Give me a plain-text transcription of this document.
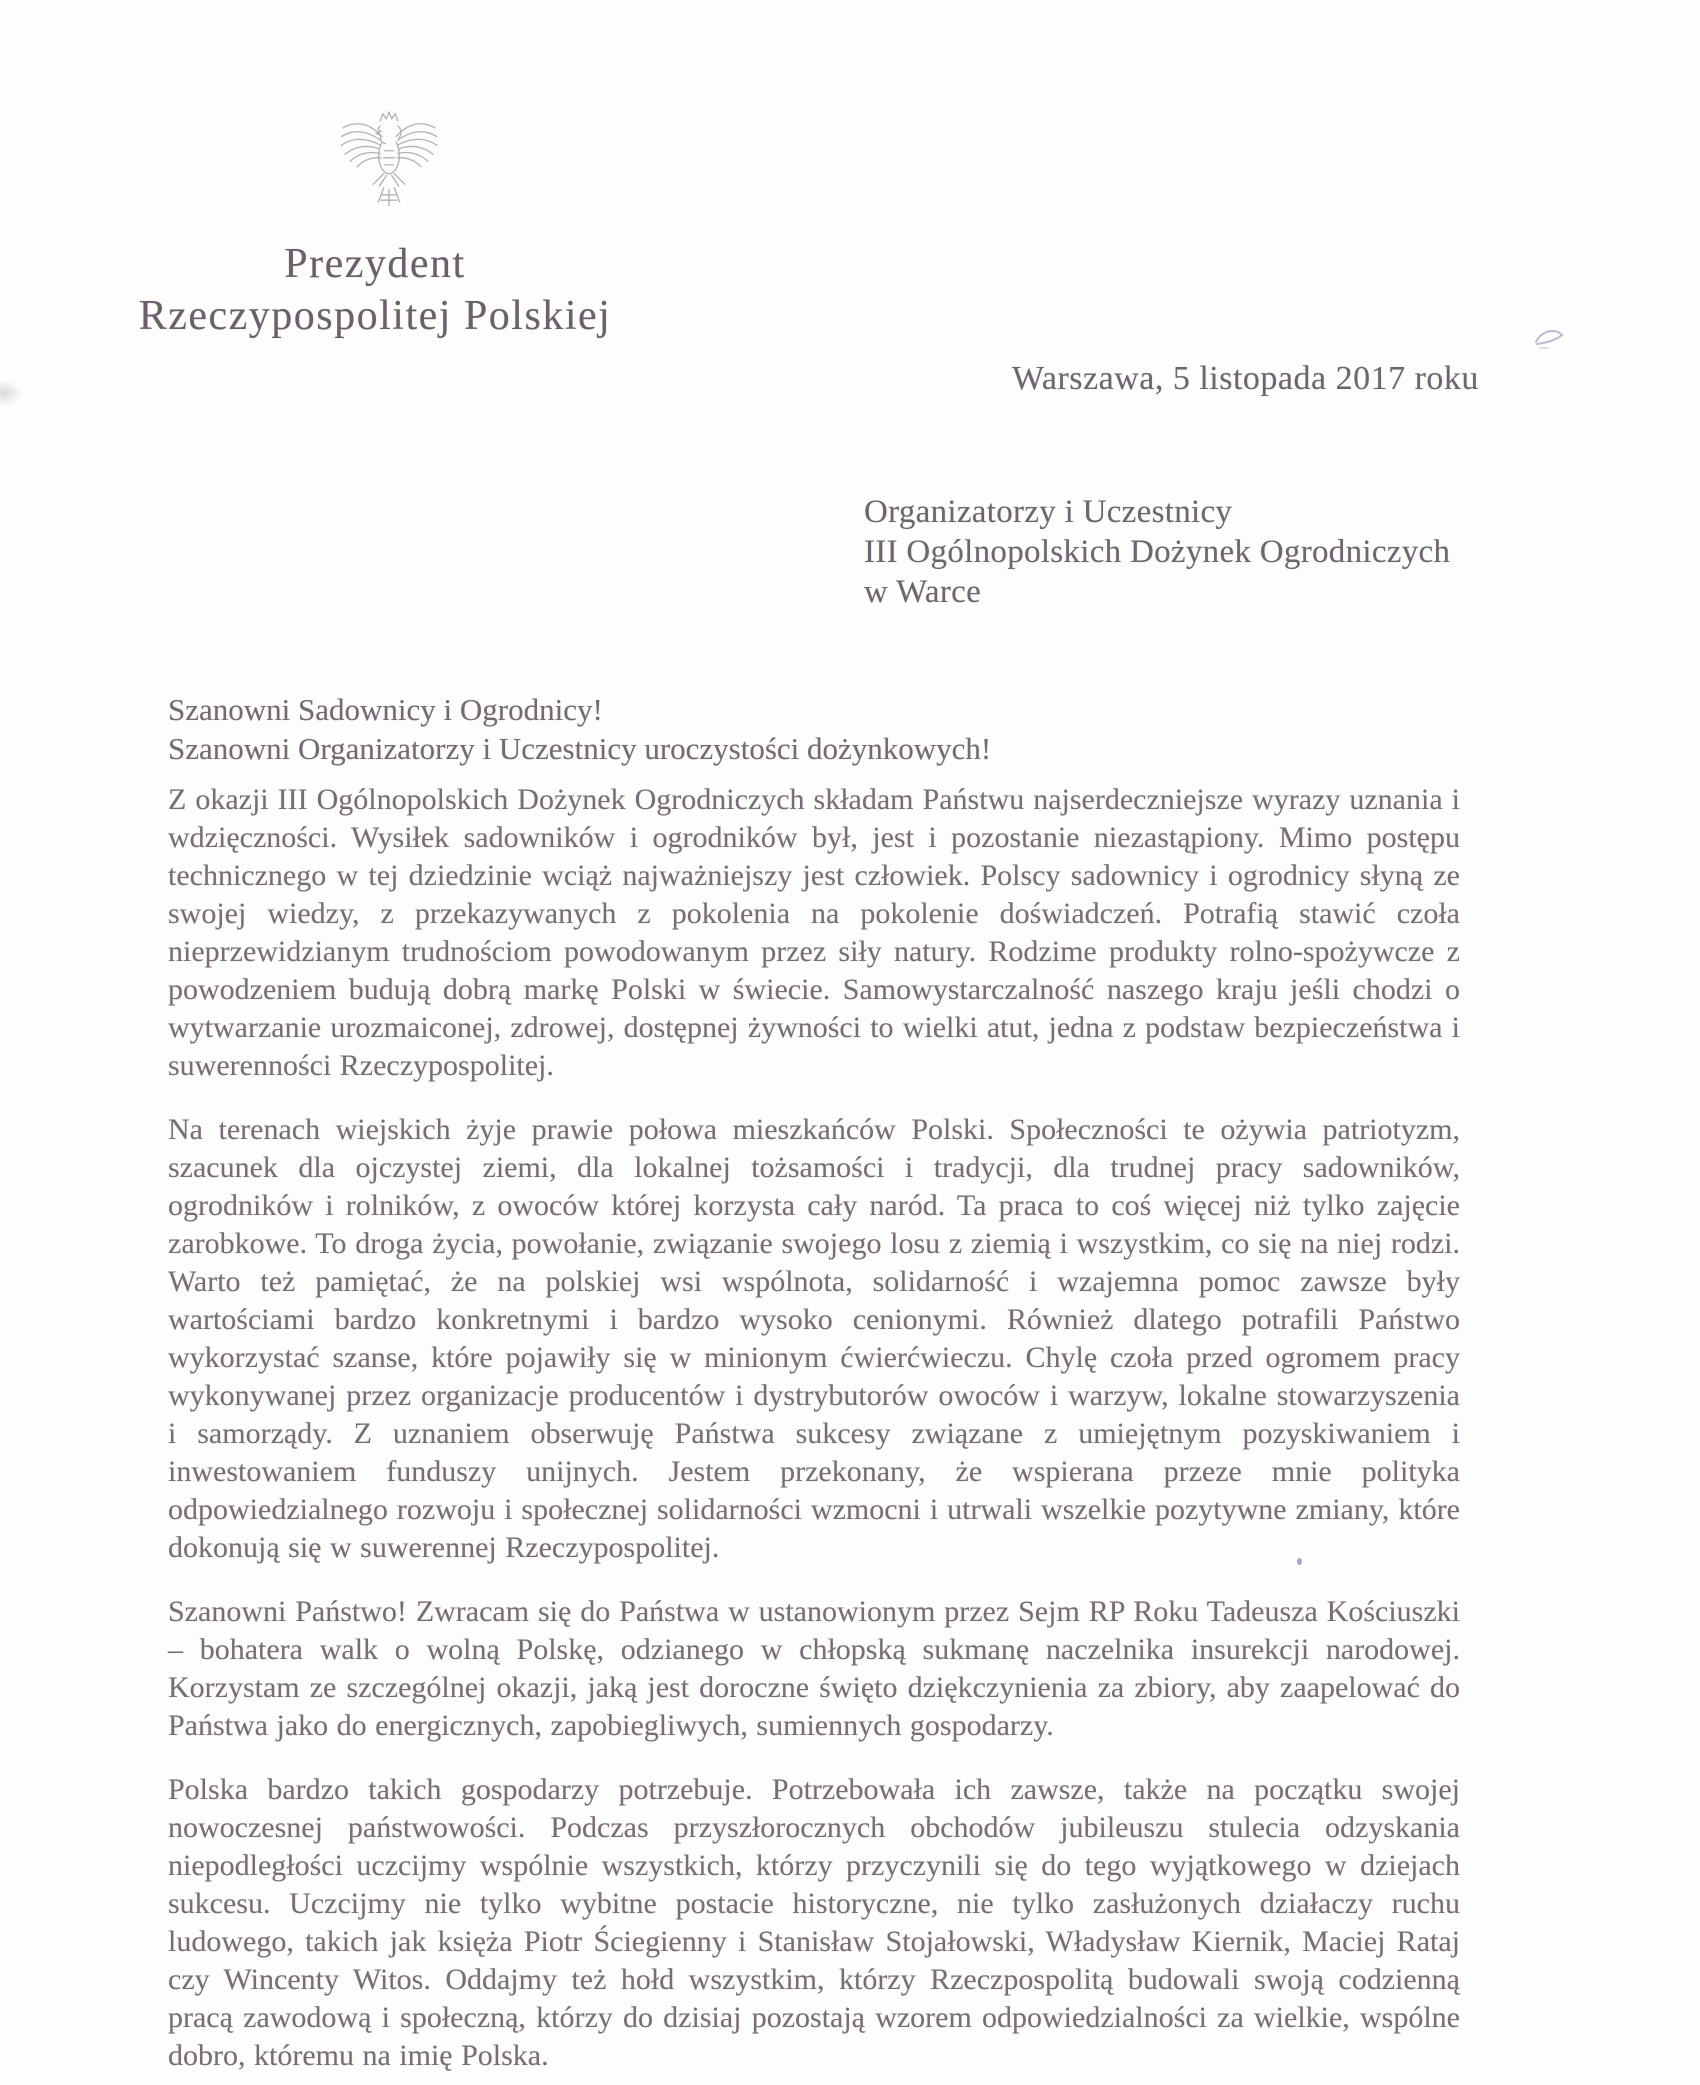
Prezydent
Rzeczypospolitej Polskiej
Warszawa, 5 listopada 2017 roku
Organizatorzy i Uczestnicy
III Ogólnopolskich Dożynek Ogrodniczych
w Warce
Szanowni Sadownicy i Ogrodnicy!
Szanowni Organizatorzy i Uczestnicy uroczystości dożynkowych!

Z okazji III Ogólnopolskich Dożynek Ogrodniczych składam Państwu najserdeczniejsze wyrazy uznania i wdzięczności. Wysiłek sadowników i ogrodników był, jest i pozostanie niezastąpiony. Mimo postępu technicznego w tej dziedzinie wciąż najważniejszy jest człowiek. Polscy sadownicy i ogrodnicy słyną ze swojej wiedzy, z przekazywanych z pokolenia na pokolenie doświadczeń. Potrafią stawić czoła nieprzewidzianym trudnościom powodowanym przez siły natury. Rodzime produkty rolno-spożywcze z powodzeniem budują dobrą markę Polski w świecie. Samowystarczalność naszego kraju jeśli chodzi o wytwarzanie urozmaiconej, zdrowej, dostępnej żywności to wielki atut, jedna z podstaw bezpieczeństwa i suwerenności Rzeczypospolitej.

Na terenach wiejskich żyje prawie połowa mieszkańców Polski. Społeczności te ożywia patriotyzm, szacunek dla ojczystej ziemi, dla lokalnej tożsamości i tradycji, dla trudnej pracy sadowników, ogrodników i rolników, z owoców której korzysta cały naród. Ta praca to coś więcej niż tylko zajęcie zarobkowe. To droga życia, powołanie, związanie swojego losu z ziemią i wszystkim, co się na niej rodzi. Warto też pamiętać, że na polskiej wsi wspólnota, solidarność i wzajemna pomoc zawsze były wartościami bardzo konkretnymi i bardzo wysoko cenionymi. Również dlatego potrafili Państwo wykorzystać szanse, które pojawiły się w minionym ćwierćwieczu. Chylę czoła przed ogromem pracy wykonywanej przez organizacje producentów i dystrybutorów owoców i warzyw, lokalne stowarzyszenia i samorządy. Z uznaniem obserwuję Państwa sukcesy związane z umiejętnym pozyskiwaniem i inwestowaniem funduszy unijnych. Jestem przekonany, że wspierana przeze mnie polityka odpowiedzialnego rozwoju i społecznej solidarności wzmocni i utrwali wszelkie pozytywne zmiany, które dokonują się w suwerennej Rzeczypospolitej.

Szanowni Państwo! Zwracam się do Państwa w ustanowionym przez Sejm RP Roku Tadeusza Kościuszki – bohatera walk o wolną Polskę, odzianego w chłopską sukmanę naczelnika insurekcji narodowej. Korzystam ze szczególnej okazji, jaką jest doroczne święto dziękczynienia za zbiory, aby zaapelować do Państwa jako do energicznych, zapobiegliwych, sumiennych gospodarzy.

Polska bardzo takich gospodarzy potrzebuje. Potrzebowała ich zawsze, także na początku swojej nowoczesnej państwowości. Podczas przyszłorocznych obchodów jubileuszu stulecia odzyskania niepodległości uczcijmy wspólnie wszystkich, którzy przyczynili się do tego wyjątkowego w dziejach sukcesu. Uczcijmy nie tylko wybitne postacie historyczne, nie tylko zasłużonych działaczy ruchu ludowego, takich jak księża Piotr Ściegienny i Stanisław Stojałowski, Władysław Kiernik, Maciej Rataj czy Wincenty Witos. Oddajmy też hołd wszystkim, którzy Rzeczpospolitą budowali swoją codzienną pracą zawodową i społeczną, którzy do dzisiaj pozostają wzorem odpowiedzialności za wielkie, wspólne dobro, któremu na imię Polska.
